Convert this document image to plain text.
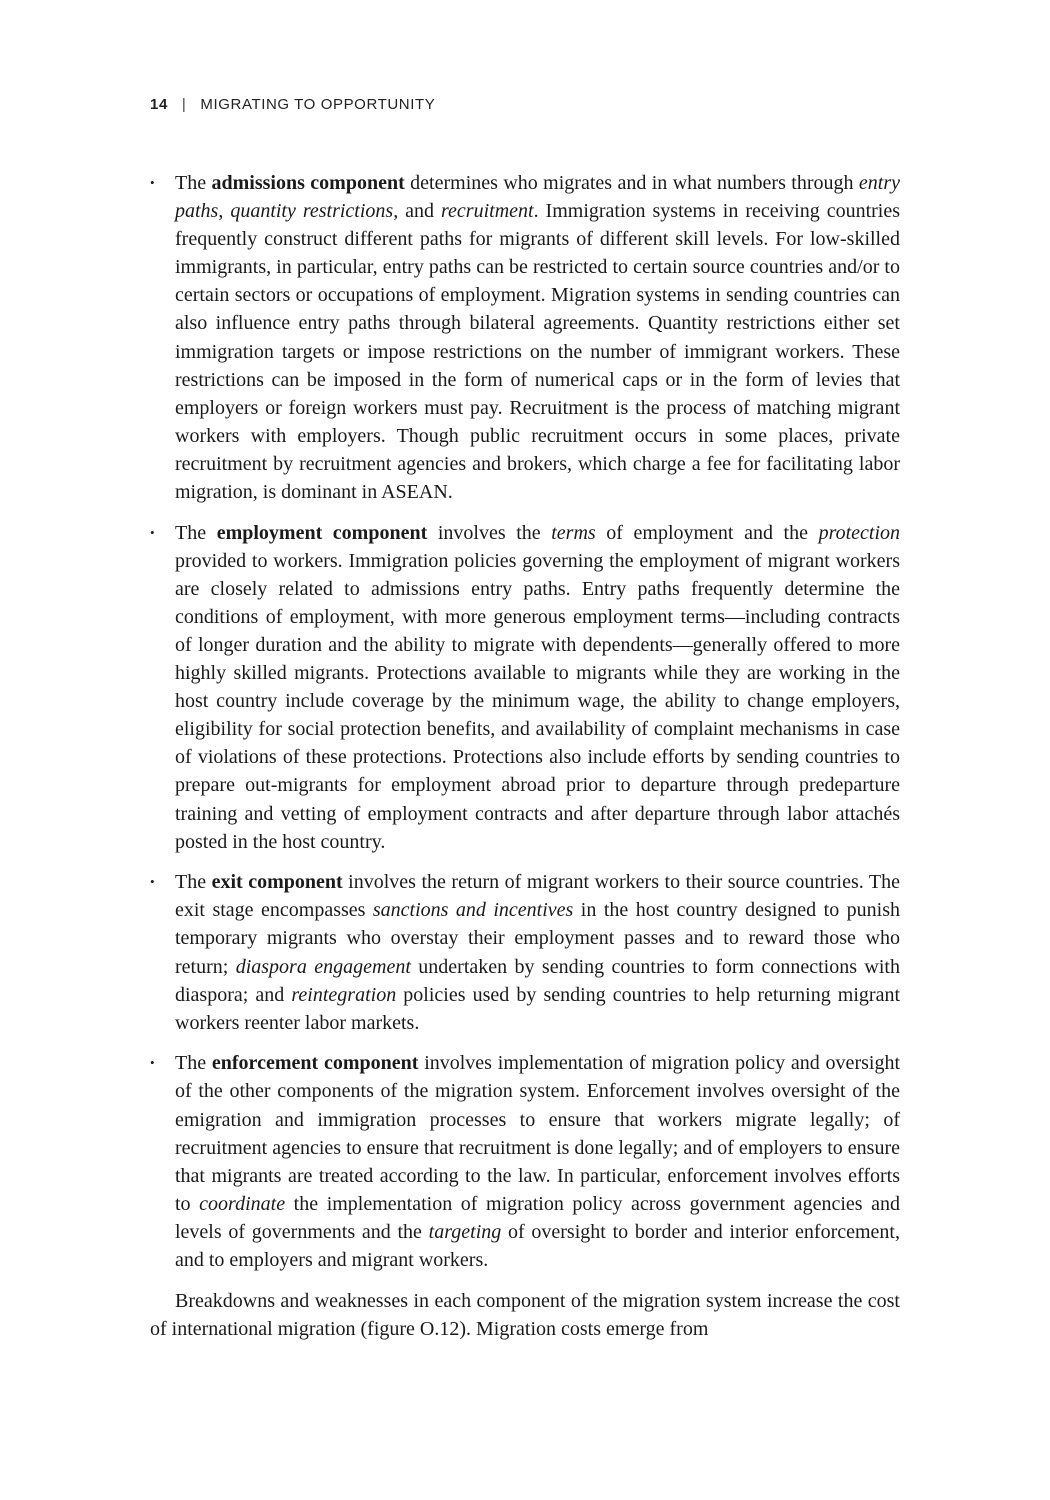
14 | MIGRATING TO OPPORTUNITY
• The admissions component determines who migrates and in what numbers through entry paths, quantity restrictions, and recruitment. Immigration systems in receiving countries frequently construct different paths for migrants of different skill levels. For low-skilled immigrants, in particular, entry paths can be restricted to certain source countries and/or to certain sectors or occupations of employment. Migration systems in sending countries can also influence entry paths through bilateral agreements. Quantity restrictions either set immigration targets or impose restrictions on the number of immigrant workers. These restrictions can be imposed in the form of numerical caps or in the form of levies that employers or foreign workers must pay. Recruitment is the process of matching migrant workers with employers. Though public recruitment occurs in some places, private recruitment by recruitment agencies and brokers, which charge a fee for facilitating labor migration, is dominant in ASEAN.
• The employment component involves the terms of employment and the protection provided to workers. Immigration policies governing the employment of migrant workers are closely related to admissions entry paths. Entry paths frequently determine the conditions of employment, with more generous employment terms—including contracts of longer duration and the ability to migrate with dependents—generally offered to more highly skilled migrants. Protections available to migrants while they are working in the host country include coverage by the minimum wage, the ability to change employers, eligibility for social protection benefits, and availability of complaint mechanisms in case of violations of these protections. Protections also include efforts by sending countries to prepare out-migrants for employment abroad prior to departure through predeparture training and vetting of employment contracts and after departure through labor attachés posted in the host country.
• The exit component involves the return of migrant workers to their source countries. The exit stage encompasses sanctions and incentives in the host country designed to punish temporary migrants who overstay their employment passes and to reward those who return; diaspora engagement undertaken by sending countries to form connections with diaspora; and reintegration policies used by sending countries to help returning migrant workers reenter labor markets.
• The enforcement component involves implementation of migration policy and oversight of the other components of the migration system. Enforcement involves oversight of the emigration and immigration processes to ensure that workers migrate legally; of recruitment agencies to ensure that recruitment is done legally; and of employers to ensure that migrants are treated according to the law. In particular, enforcement involves efforts to coordinate the implementation of migration policy across government agencies and levels of governments and the targeting of oversight to border and interior enforcement, and to employers and migrant workers.

Breakdowns and weaknesses in each component of the migration system increase the cost of international migration (figure O.12). Migration costs emerge from
